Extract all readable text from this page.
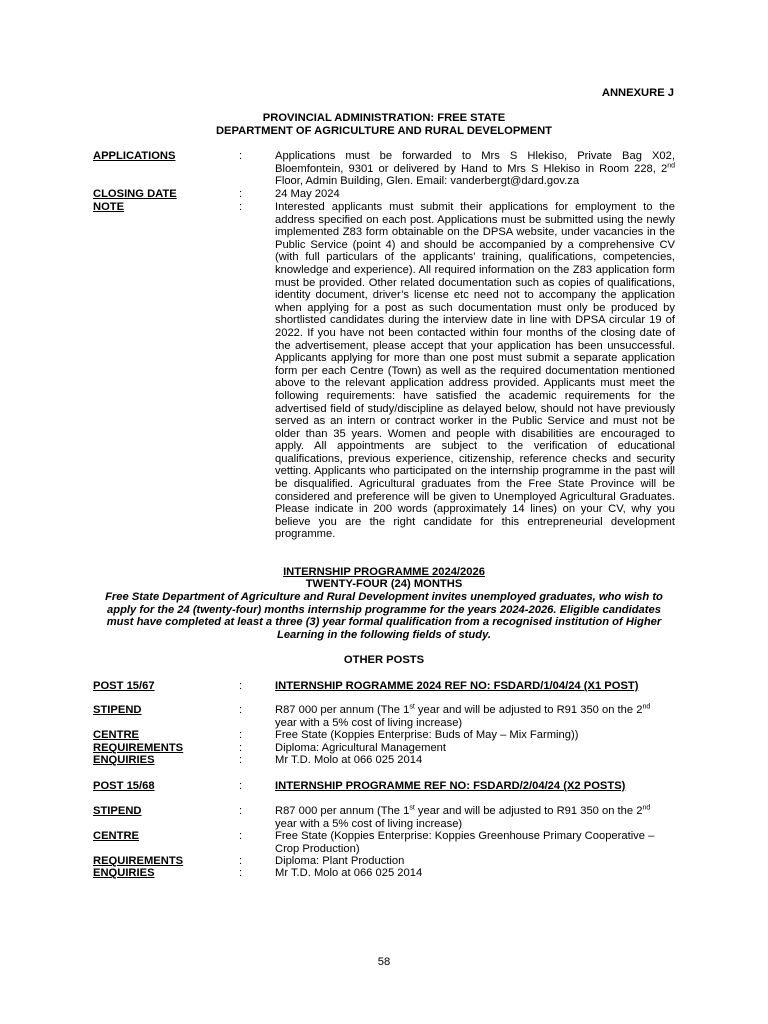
ANNEXURE J
PROVINCIAL ADMINISTRATION: FREE STATE
DEPARTMENT OF AGRICULTURE AND RURAL DEVELOPMENT
APPLICATIONS	:	Applications must be forwarded to Mrs S Hlekiso, Private Bag X02, Bloemfontein, 9301 or delivered by Hand to Mrs S Hlekiso in Room 228, 2nd Floor, Admin Building, Glen. Email: vanderbergt@dard.gov.za
CLOSING DATE	:	24 May 2024
NOTE	:	Interested applicants must submit their applications for employment to the address specified on each post. Applications must be submitted using the newly implemented Z83 form obtainable on the DPSA website, under vacancies in the Public Service (point 4) and should be accompanied by a comprehensive CV (with full particulars of the applicants’ training, qualifications, competencies, knowledge and experience). All required information on the Z83 application form must be provided. Other related documentation such as copies of qualifications, identity document, driver’s license etc need not to accompany the application when applying for a post as such documentation must only be produced by shortlisted candidates during the interview date in line with DPSA circular 19 of 2022. If you have not been contacted within four months of the closing date of the advertisement, please accept that your application has been unsuccessful. Applicants applying for more than one post must submit a separate application form per each Centre (Town) as well as the required documentation mentioned above to the relevant application address provided. Applicants must meet the following requirements: have satisfied the academic requirements for the advertised field of study/discipline as delayed below, should not have previously served as an intern or contract worker in the Public Service and must not be older than 35 years. Women and people with disabilities are encouraged to apply. All appointments are subject to the verification of educational qualifications, previous experience, citizenship, reference checks and security vetting. Applicants who participated on the internship programme in the past will be disqualified. Agricultural graduates from the Free State Province will be considered and preference will be given to Unemployed Agricultural Graduates. Please indicate in 200 words (approximately 14 lines) on your CV, why you believe you are the right candidate for this entrepreneurial development programme.
INTERNSHIP PROGRAMME 2024/2026
TWENTY-FOUR (24) MONTHS
Free State Department of Agriculture and Rural Development invites unemployed graduates, who wish to apply for the 24 (twenty-four) months internship programme for the years 2024-2026. Eligible candidates must have completed at least a three (3) year formal qualification from a recognised institution of Higher Learning in the following fields of study.
OTHER POSTS
POST 15/67	:	INTERNSHIP ROGRAMME 2024 REF NO: FSDARD/1/04/24 (X1 POST)
STIPEND	:	R87 000 per annum (The 1st year and will be adjusted to R91 350 on the 2nd
year with a 5% cost of living increase)
CENTRE	:	Free State (Koppies Enterprise: Buds of May – Mix Farming))
REQUIREMENTS	:	Diploma: Agricultural Management
ENQUIRIES	:	Mr T.D. Molo at 066 025 2014
POST 15/68	:	INTERNSHIP PROGRAMME REF NO: FSDARD/2/04/24 (X2 POSTS)
STIPEND	:	R87 000 per annum (The 1st year and will be adjusted to R91 350 on the 2nd
year with a 5% cost of living increase)
CENTRE	:	Free State (Koppies Enterprise: Koppies Greenhouse Primary Cooperative – Crop Production)
REQUIREMENTS	:	Diploma: Plant Production
ENQUIRIES	:	Mr T.D. Molo at 066 025 2014
58
